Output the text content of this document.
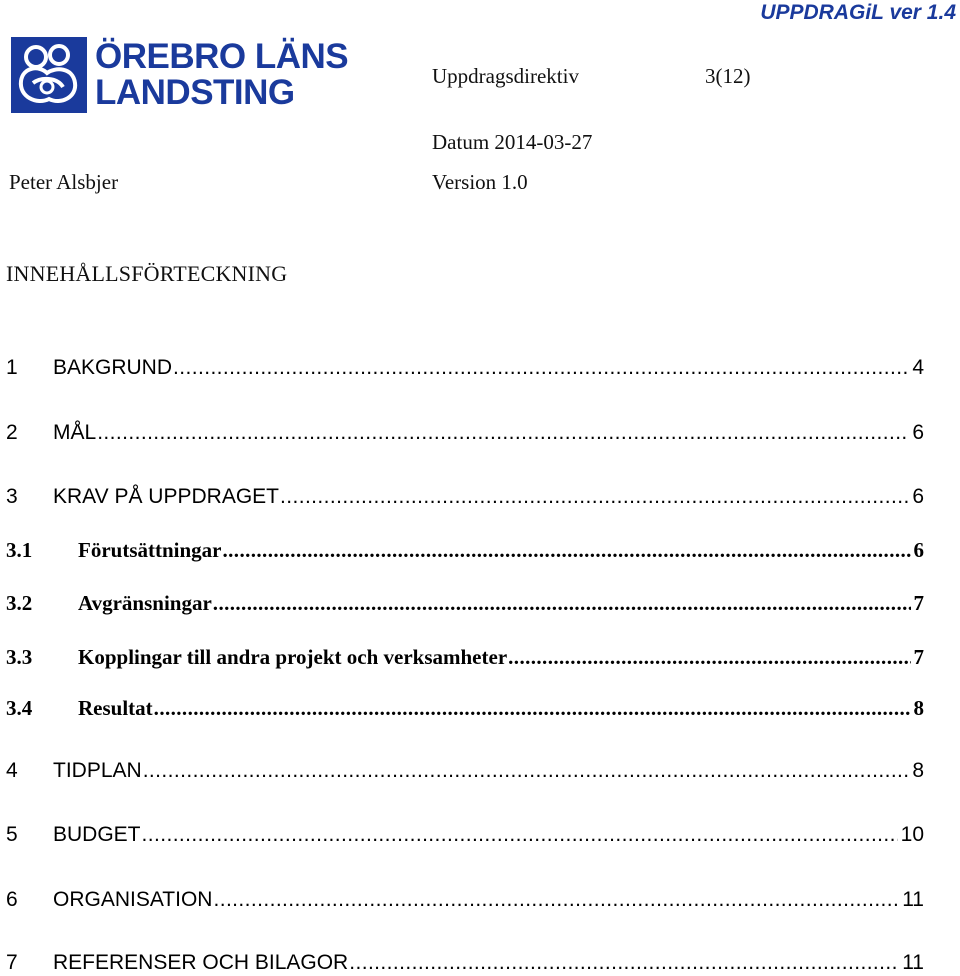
UPPDRAGiL ver 1.4
ÖREBRO LÄNS
LANDSTING	Uppdragsdirektiv	3(12)
Datum 2014-03-27
Peter Alsbjer	Version 1.0
INNEHÅLLSFÖRTECKNING
1	BAKGRUND .....	4
2	MÅL .....	6
3	KRAV PÅ UPPDRAGET .....	6
3.1	Förutsättningar .....	6
3.2	Avgränsningar .....	7
3.3	Kopplingar till andra projekt och verksamheter .....	7
3.4	Resultat .....	8
4	TIDPLAN .....	8
5	BUDGET .....	10
6	ORGANISATION .....	11
7	REFERENSER OCH BILAGOR .....	11
